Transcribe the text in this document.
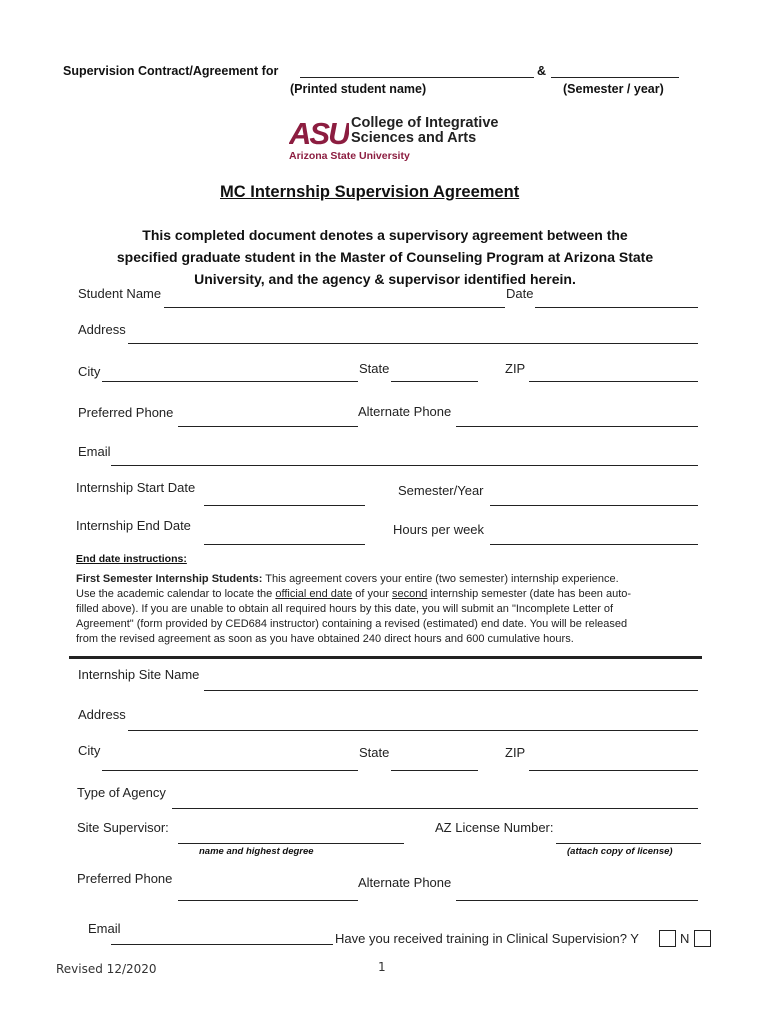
Supervision Contract/Agreement for	&
(Printed student name)	(Semester / year)
ASU College of Integrative
Sciences and Arts
Arizona State University
MC Internship Supervision Agreement
This completed document denotes a supervisory agreement between the
specified graduate student in the Master of Counseling Program at Arizona State
University, and the agency & supervisor identified herein.
Student Name	Date
Address
City	State	ZIP
Preferred Phone	Alternate Phone
Email
Internship Start Date	Semester/Year
Internship End Date	Hours per week
End date instructions:
First Semester Internship Students: This agreement covers your entire (two semester) internship experience.
Use the academic calendar to locate the official end date of your second internship semester (date has been auto-
filled above). If you are unable to obtain all required hours by this date, you will submit an "Incomplete Letter of
Agreement" (form provided by CED684 instructor) containing a revised (estimated) end date. You will be released
from the revised agreement as soon as you have obtained 240 direct hours and 600 cumulative hours.
Internship Site Name
Address
City	State	ZIP
Type of Agency
Site Supervisor:
name and highest degree
AZ License Number:
(attach copy of license)
Preferred Phone	Alternate Phone
Email
Have you received training in Clinical Supervision? Y	N
Revised 12/2020	1
